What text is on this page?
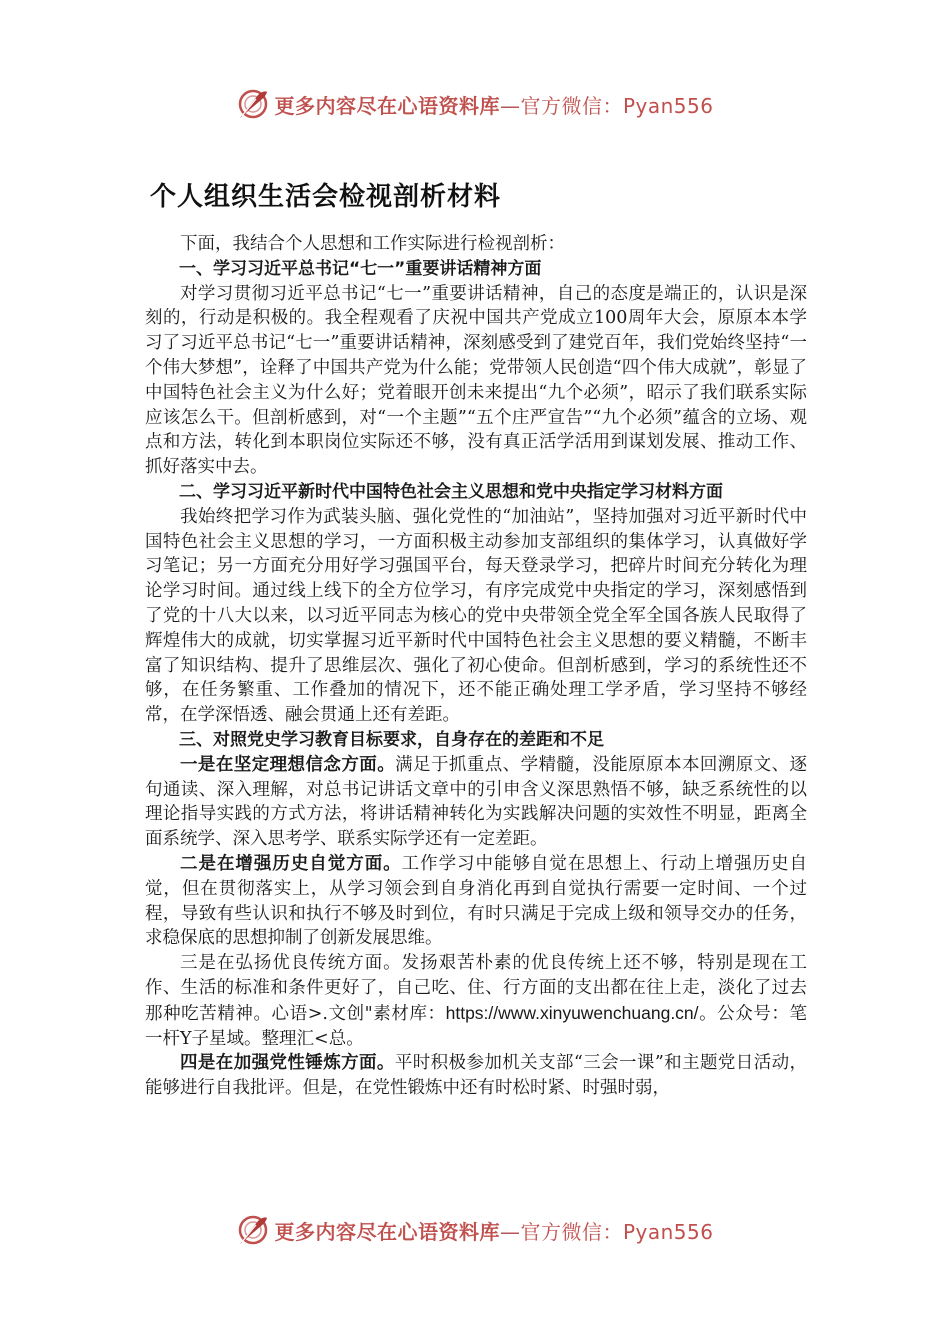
更多内容尽在心语资料库—官方微信：Pyan556
个人组织生活会检视剖析材料

下面，我结合个人思想和工作实际进行检视剖析：

一、学习习近平总书记“七一”重要讲话精神方面

对学习贯彻习近平总书记“七一”重要讲话精神，自己的态度是端正的，认识是深刻的，行动是积极的。我全程观看了庆祝中国共产党成立100周年大会，原原本本学习了习近平总书记“七一”重要讲话精神，深刻感受到了建党百年，我们党始终坚持“一个伟大梦想”，诠释了中国共产党为什么能；党带领人民创造“四个伟大成就”，彰显了中国特色社会主义为什么好；党着眼开创未来提出“九个必须”，昭示了我们联系实际应该怎么干。但剖析感到，对“一个主题”“五个庄严宣告”“九个必须”蕴含的立场、观点和方法，转化到本职岗位实际还不够，没有真正活学活用到谋划发展、推动工作、抓好落实中去。

二、学习习近平新时代中国特色社会主义思想和党中央指定学习材料方面

我始终把学习作为武装头脑、强化党性的“加油站”，坚持加强对习近平新时代中国特色社会主义思想的学习，一方面积极主动参加支部组织的集体学习，认真做好学习笔记；另一方面充分用好学习强国平台，每天登录学习，把碎片时间充分转化为理论学习时间。通过线上线下的全方位学习，有序完成党中央指定的学习，深刻感悟到了党的十八大以来，以习近平同志为核心的党中央带领全党全军全国各族人民取得了辉煌伟大的成就，切实掌握习近平新时代中国特色社会主义思想的要义精髓，不断丰富了知识结构、提升了思维层次、强化了初心使命。但剖析感到，学习的系统性还不够，在任务繁重、工作叠加的情况下，还不能正确处理工学矛盾，学习坚持不够经常，在学深悟透、融会贯通上还有差距。

三、对照党史学习教育目标要求，自身存在的差距和不足

一是在坚定理想信念方面。满足于抓重点、学精髓，没能原原本本回溯原文、逐句通读、深入理解，对总书记讲话文章中的引申含义深思熟悟不够，缺乏系统性的以理论指导实践的方式方法，将讲话精神转化为实践解决问题的实效性不明显，距离全面系统学、深入思考学、联系实际学还有一定差距。

二是在增强历史自觉方面。工作学习中能够自觉在思想上、行动上增强历史自觉，但在贯彻落实上，从学习领会到自身消化再到自觉执行需要一定时间、一个过程，导致有些认识和执行不够及时到位，有时只满足于完成上级和领导交办的任务，求稳保底的思想抑制了创新发展思维。

三是在弘扬优良传统方面。发扬艰苦朴素的优良传统上还不够，特别是现在工作、生活的标准和条件更好了，自己吃、住、行方面的支出都在往上走，淡化了过去那种吃苦精神。心语>.文创"素材库：https://www.xinyuwenchuang.cn/。公众号：笔一杆Y子星域。整理汇<总。

四是在加强党性锤炼方面。平时积极参加机关支部“三会一课”和主题党日活动，能够进行自我批评。但是，在党性锻炼中还有时松时紧、时强时弱，

更多内容尽在心语资料库—官方微信：Pyan556
